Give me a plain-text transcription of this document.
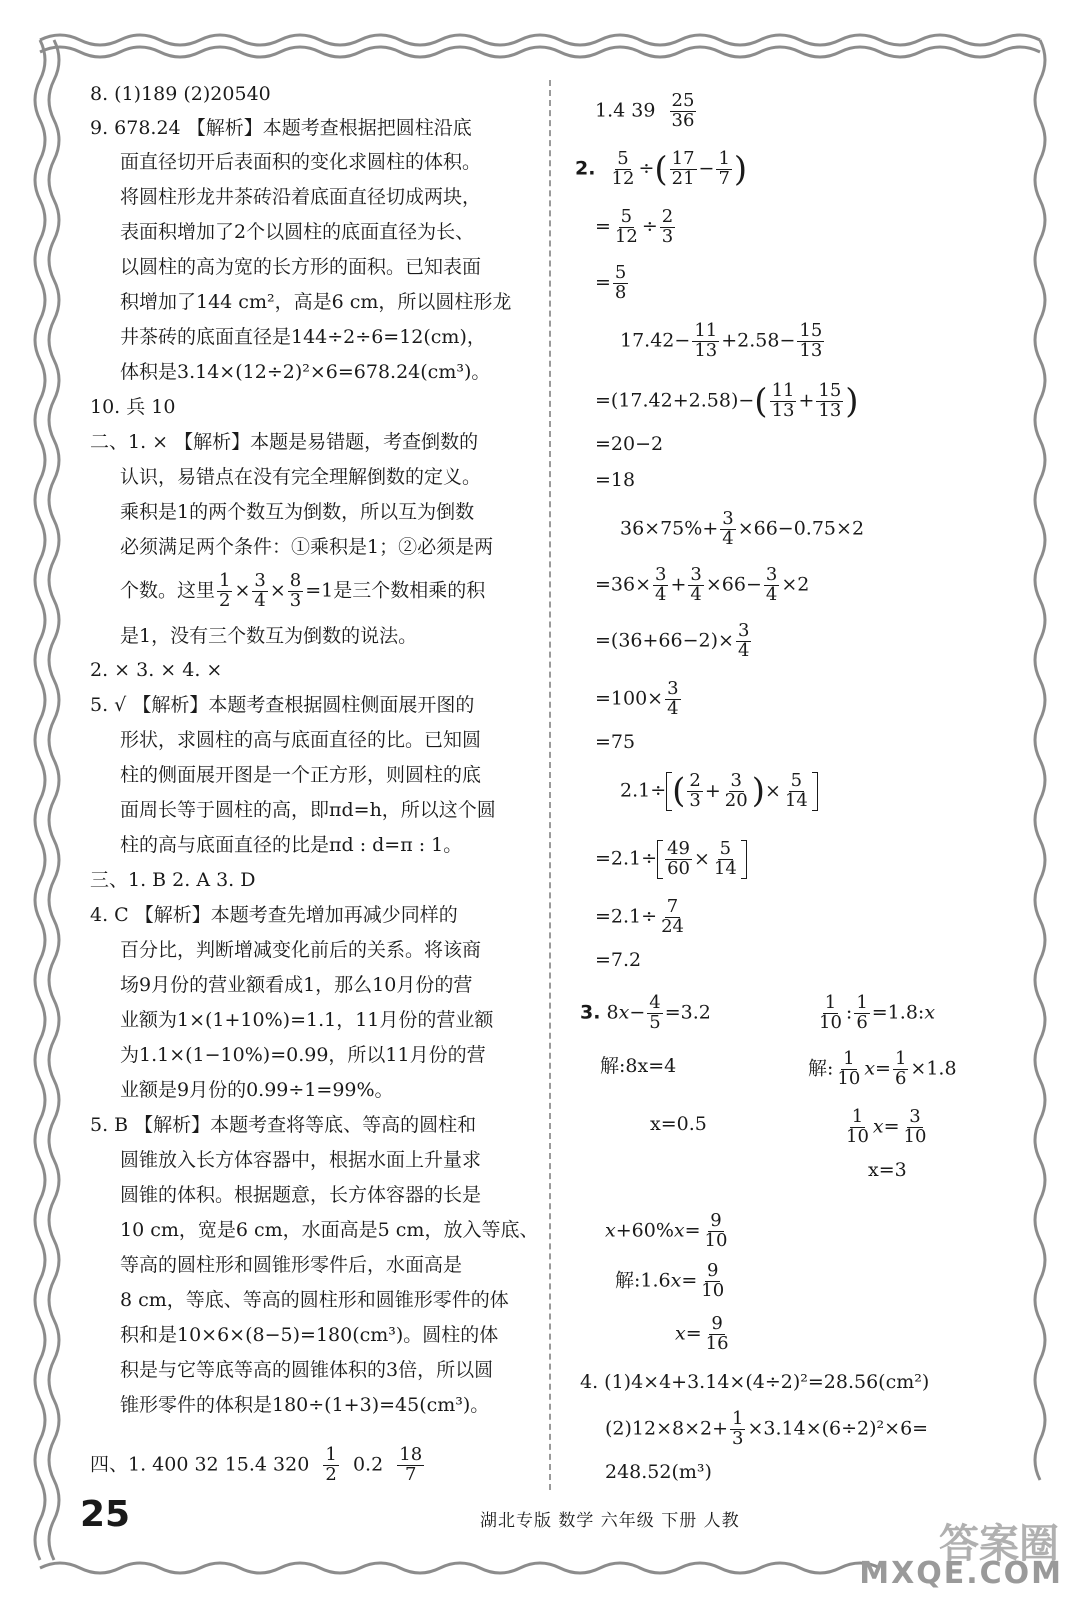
8. (1)189 (2)20540
9. 678.24 【解析】本题考查根据把圆柱沿底
面直径切开后表面积的变化求圆柱的体积。
将圆柱形龙井茶砖沿着底面直径切成两块，
表面积增加了2个以圆柱的底面直径为长、
以圆柱的高为宽的长方形的面积。已知表面
积增加了144 cm²，高是6 cm，所以圆柱形龙
井茶砖的底面直径是144÷2÷6=12(cm)，
体积是3.14×(12÷2)²×6=678.24(cm³)。
10. 兵 10
二、1. × 【解析】本题是易错题，考查倒数的
认识，易错点在没有完全理解倒数的定义。
乘积是1的两个数互为倒数，所以互为倒数
必须满足两个条件：①乘积是1；②必须是两
个数。这里 $\frac{1}{2} \times \frac{3}{4} \times \frac{8}{3} =1$是三个数相乘的积
是1，没有三个数互为倒数的说法。
2. × 3. × 4. ×
5. √ 【解析】本题考查根据圆柱侧面展开图的
形状，求圆柱的高与底面直径的比。已知圆
柱的侧面展开图是一个正方形，则圆柱的底
面周长等于圆柱的高，即πd=h，所以这个圆
柱的高与底面直径的比是πd : d=π : 1。
三、1. B 2. A 3. D
4. C 【解析】本题考查先增加再减少同样的
百分比，判断增减变化前后的关系。将该商
场9月份的营业额看成1，那么10月份的营
业额为1×(1+10%)=1.1，11月份的营业额
为1.1×(1−10%)=0.99，所以11月份的营
业额是9月份的0.99÷1=99%。
5. B 【解析】本题考查将等底、等高的圆柱和
圆锥放入长方体容器中，根据水面上升量求
圆锥的体积。根据题意，长方体容器的长是
10 cm，宽是6 cm，水面高是5 cm，放入等底、
等高的圆柱形和圆锥形零件后，水面高是
8 cm，等底、等高的圆柱形和圆锥形零件的体
积和是10×6×(8−5)=180(cm³)。圆柱的体
积是与它等底等高的圆锥体积的3倍，所以圆
锥形零件的体积是180÷(1+3)=45(cm³)。
四、1. 400 32 15.4 $320 \frac{1}{2} 0.2 \frac{18}{7}$
1.4 $39 \frac{25}{36}$
2. $\frac{5}{12}$ ÷( $\frac{17}{21} - \frac{1}{7}$ )
= $\frac{5}{12} \div \frac{2}{3}$
= $\frac{5}{8}$
$17.42- \frac{11}{13} +2.58- \frac{15}{13}$
$=(17.42+2.58)-( \frac{11}{13} + \frac{15}{13}$ )
=20−2
=18
$36\times 75\%+ \frac{3}{4} \times 66-0.75\times 2$
$=36\times \frac{3}{4} + \frac{3}{4} \times 66- \frac{3}{4} \times 2$
$=(36+66-2)\times \frac{3}{4}$
$=100\times \frac{3}{4}$
=75
2.1÷ ( $\frac{2}{3} + \frac{3}{20}$ ) × $\frac{5}{14}$
$=2.1\div \frac{49}{60} \times \frac{5}{14}$
$=2.1\div \frac{7}{24}$
=7.2
3. $8x- \frac{4}{5} =3.2$
解:8x=4
x=0.5
$\frac{1}{10}$ : $\frac{1}{6}$ =1.8:x
解: $\frac{1}{10} x= \frac{1}{6} \times 1.8$
$\frac{1}{10} x= \frac{3}{10}$
x=3
$x+60\%x= \frac{9}{10}$
解:1.6x= $\frac{9}{10}$
$x= \frac{9}{16}$
4. (1)4×4+3.14×(4÷2)²=28.56(cm²)
$(2)12\times 8\times 2+ \frac{1}{3} \times 3.14\times(6\div 2)^2\times 6=$
248.52(m³)
25	湖北专版 数学 六年级 下册 人教	答案圈
MXQE.COM
